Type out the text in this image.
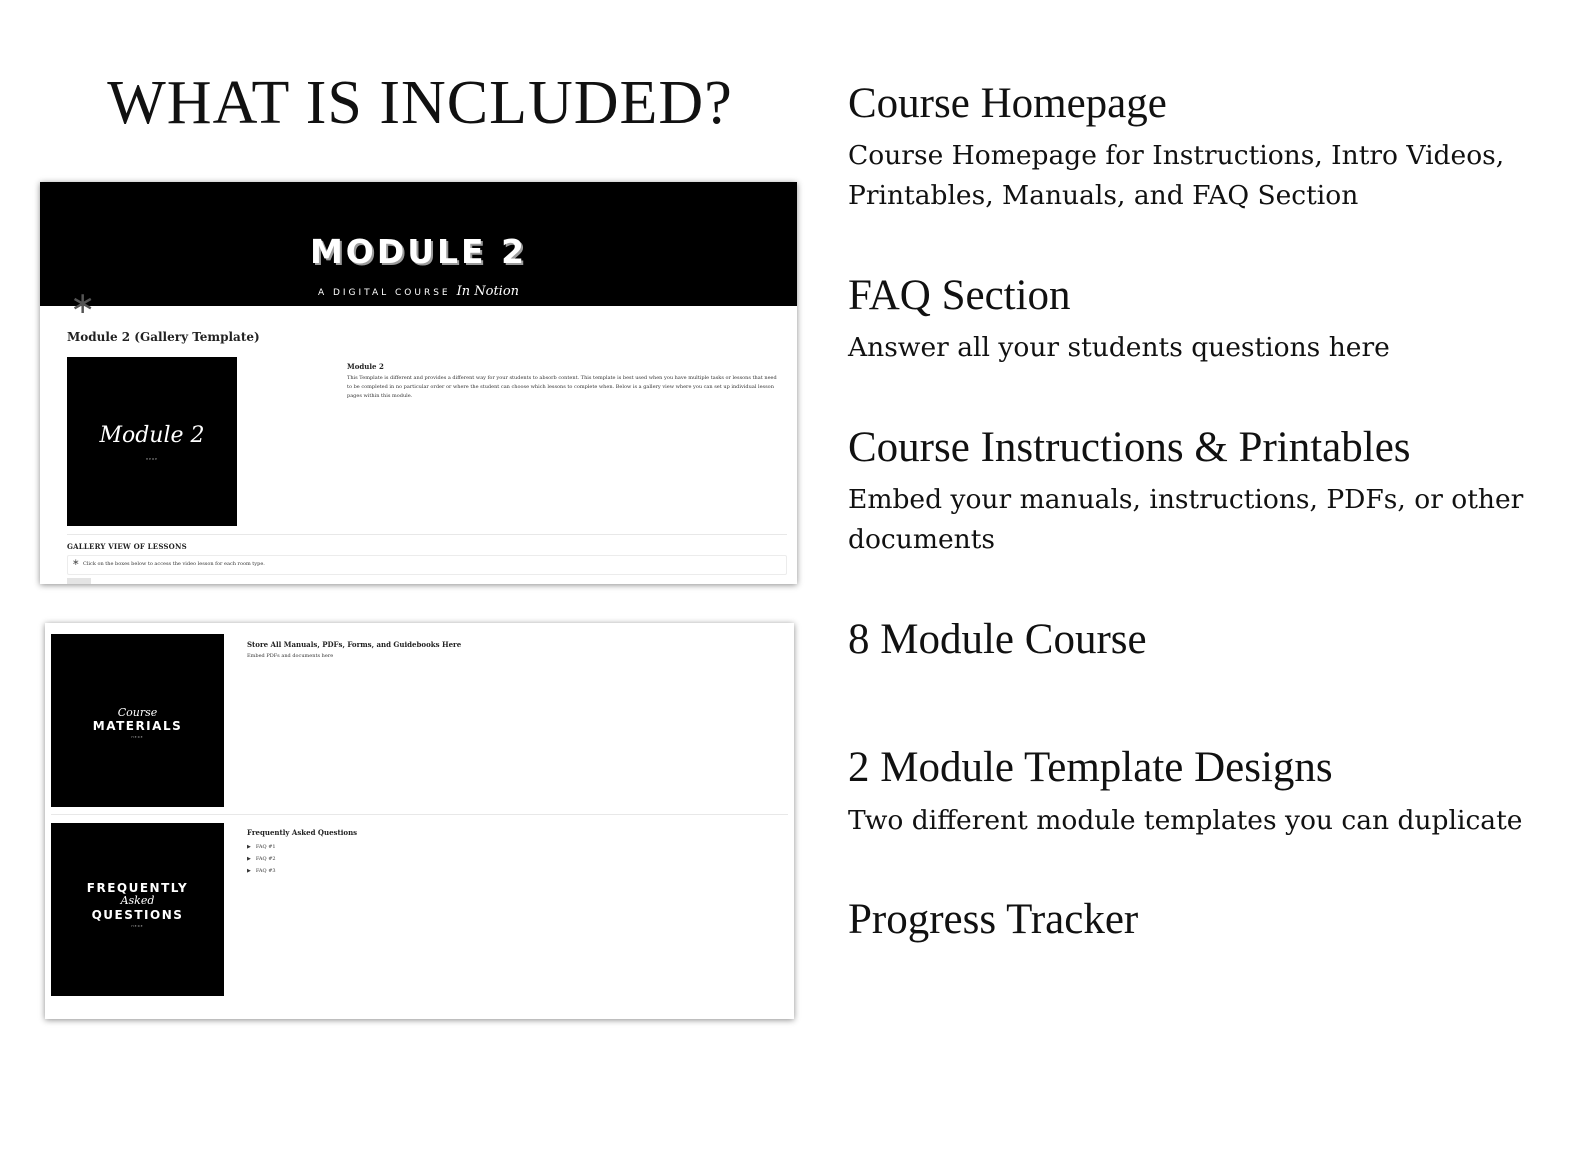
WHAT IS INCLUDED?
MODULE 2
A DIGITAL COURSE In Notion
∗
Module 2 (Gallery Template)
Module 2
HERE
Module 2
This Template is different and provides a different way for your students to absorb content. This template is best used when you have multiple tasks or lessons that need to be completed in no particular order or where the student can choose which lessons to complete when. Below is a gallery view where you can set up individual lesson pages within this module.
GALLERY VIEW OF LESSONS
∗ Click on the boxes below to access the video lesson for each room type.
Course
MATERIALS
HERE
Store All Manuals, PDFs, Forms, and Guidebooks Here
Embed PDFs and documents here
FREQUENTLY
Asked
QUESTIONS
HERE
Frequently Asked Questions
▶ FAQ #1
▶ FAQ #2
▶ FAQ #3
Course Homepage
Course Homepage for Instructions, Intro Videos, Printables, Manuals, and FAQ Section
FAQ Section
Answer all your students questions here
Course Instructions & Printables
Embed your manuals, instructions, PDFs, or other documents
8 Module Course
2 Module Template Designs
Two different module templates you can duplicate
Progress Tracker
